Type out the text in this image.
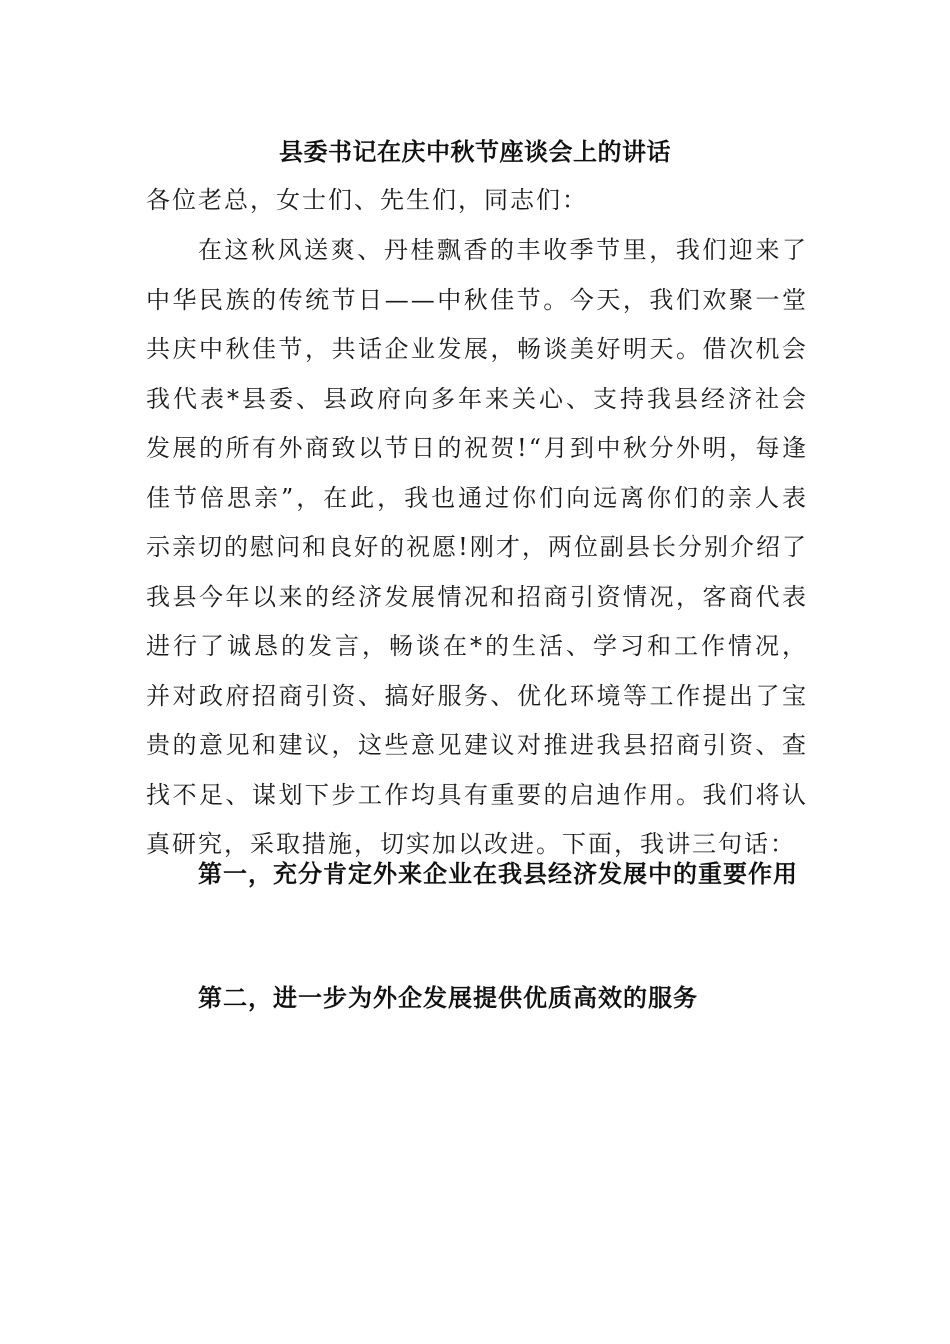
县委书记在庆中秋节座谈会上的讲话
各位老总，女士们、先生们，同志们：
在这秋风送爽、丹桂飘香的丰收季节里，我们迎来了中华民族的传统节日——中秋佳节。今天，我们欢聚一堂共庆中秋佳节，共话企业发展，畅谈美好明天。借次机会我代表*县委、县政府向多年来关心、支持我县经济社会发展的所有外商致以节日的祝贺!“月到中秋分外明，每逢佳节倍思亲”，在此，我也通过你们向远离你们的亲人表示亲切的慰问和良好的祝愿!刚才，两位副县长分别介绍了我县今年以来的经济发展情况和招商引资情况，客商代表进行了诚恳的发言，畅谈在*的生活、学习和工作情况，并对政府招商引资、搞好服务、优化环境等工作提出了宝贵的意见和建议，这些意见建议对推进我县招商引资、查找不足、谋划下步工作均具有重要的启迪作用。我们将认真研究，采取措施，切实加以改进。下面，我讲三句话：
第一，充分肯定外来企业在我县经济发展中的重要作用
第二，进一步为外企发展提供优质高效的服务
